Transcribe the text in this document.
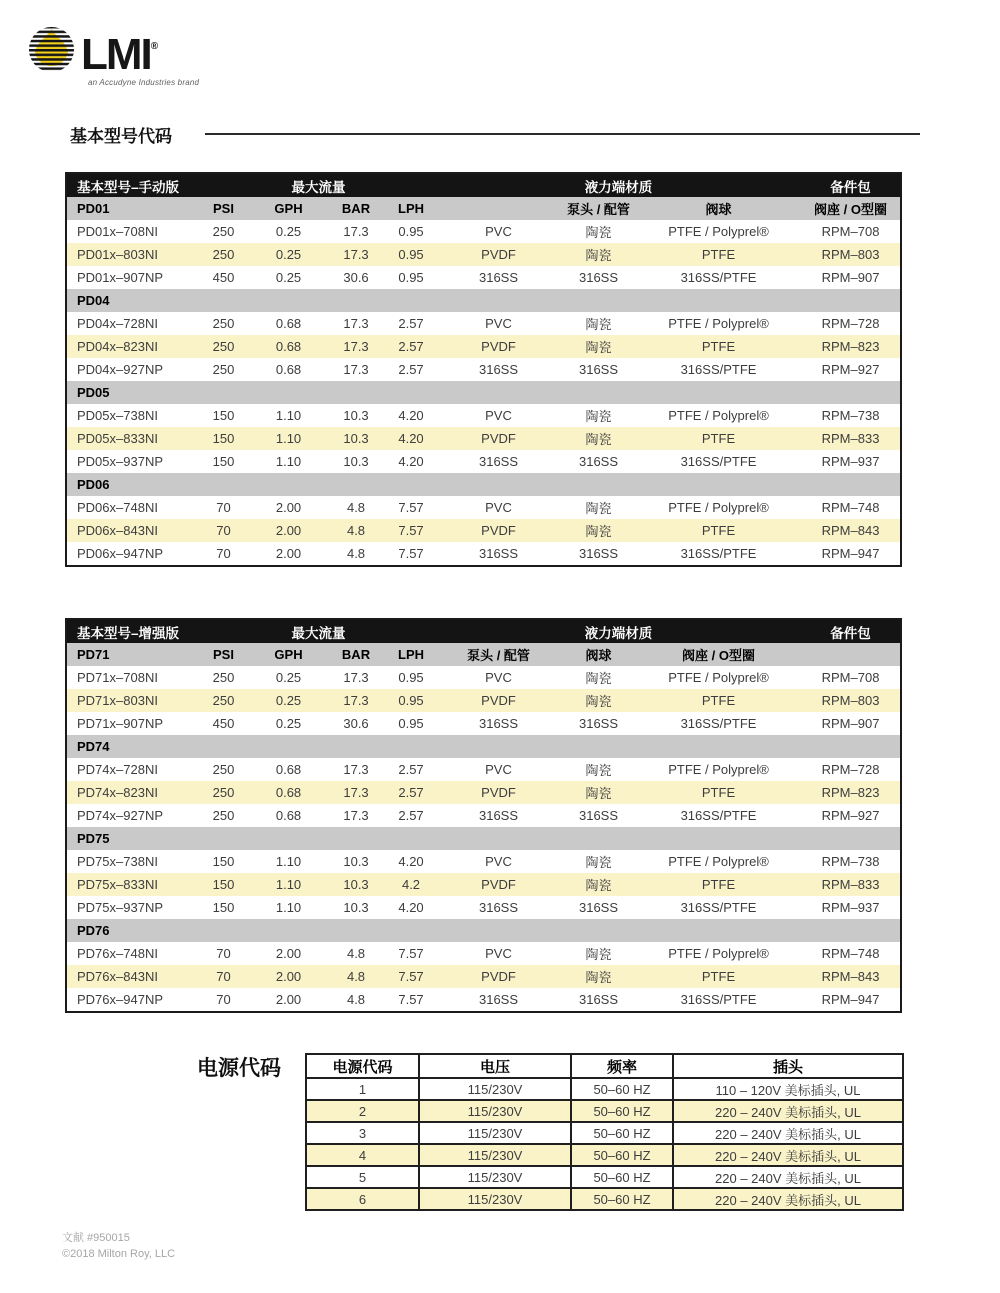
LMI®
an Accudyne Industries brand
基本型号代码
基本型号–手动版		最大流量			液力端材质			备件包
PD01	PSI	GPH	BAR	LPH		泵头 / 配管	阀球	阀座 / O型圈
PD01x–708NI	250	0.25	17.3	0.95	PVC	陶瓷	PTFE / Polyprel®	RPM–708
PD01x–803NI	250	0.25	17.3	0.95	PVDF	陶瓷	PTFE	RPM–803
PD01x–907NP	450	0.25	30.6	0.95	316SS	316SS	316SS/PTFE	RPM–907
PD04								
PD04x–728NI	250	0.68	17.3	2.57	PVC	陶瓷	PTFE / Polyprel®	RPM–728
PD04x–823NI	250	0.68	17.3	2.57	PVDF	陶瓷	PTFE	RPM–823
PD04x–927NP	250	0.68	17.3	2.57	316SS	316SS	316SS/PTFE	RPM–927
PD05								
PD05x–738NI	150	1.10	10.3	4.20	PVC	陶瓷	PTFE / Polyprel®	RPM–738
PD05x–833NI	150	1.10	10.3	4.20	PVDF	陶瓷	PTFE	RPM–833
PD05x–937NP	150	1.10	10.3	4.20	316SS	316SS	316SS/PTFE	RPM–937
PD06								
PD06x–748NI	70	2.00	4.8	7.57	PVC	陶瓷	PTFE / Polyprel®	RPM–748
PD06x–843NI	70	2.00	4.8	7.57	PVDF	陶瓷	PTFE	RPM–843
PD06x–947NP	70	2.00	4.8	7.57	316SS	316SS	316SS/PTFE	RPM–947
基本型号–增强版		最大流量			液力端材质			备件包
PD71	PSI	GPH	BAR	LPH	泵头 / 配管	阀球	阀座 / O型圈	
PD71x–708NI	250	0.25	17.3	0.95	PVC	陶瓷	PTFE / Polyprel®	RPM–708
PD71x–803NI	250	0.25	17.3	0.95	PVDF	陶瓷	PTFE	RPM–803
PD71x–907NP	450	0.25	30.6	0.95	316SS	316SS	316SS/PTFE	RPM–907
PD74								
PD74x–728NI	250	0.68	17.3	2.57	PVC	陶瓷	PTFE / Polyprel®	RPM–728
PD74x–823NI	250	0.68	17.3	2.57	PVDF	陶瓷	PTFE	RPM–823
PD74x–927NP	250	0.68	17.3	2.57	316SS	316SS	316SS/PTFE	RPM–927
PD75								
PD75x–738NI	150	1.10	10.3	4.20	PVC	陶瓷	PTFE / Polyprel®	RPM–738
PD75x–833NI	150	1.10	10.3	4.2	PVDF	陶瓷	PTFE	RPM–833
PD75x–937NP	150	1.10	10.3	4.20	316SS	316SS	316SS/PTFE	RPM–937
PD76								
PD76x–748NI	70	2.00	4.8	7.57	PVC	陶瓷	PTFE / Polyprel®	RPM–748
PD76x–843NI	70	2.00	4.8	7.57	PVDF	陶瓷	PTFE	RPM–843
PD76x–947NP	70	2.00	4.8	7.57	316SS	316SS	316SS/PTFE	RPM–947
电源代码	电源代码	电压	频率	插头
1	115/230V	50–60 HZ	110 – 120V 美标插头, UL
2	115/230V	50–60 HZ	220 – 240V 美标插头, UL
3	115/230V	50–60 HZ	220 – 240V 美标插头, UL
4	115/230V	50–60 HZ	220 – 240V 美标插头, UL
5	115/230V	50–60 HZ	220 – 240V 美标插头, UL
6	115/230V	50–60 HZ	220 – 240V 美标插头, UL
文献 #950015
©2018 Milton Roy, LLC
